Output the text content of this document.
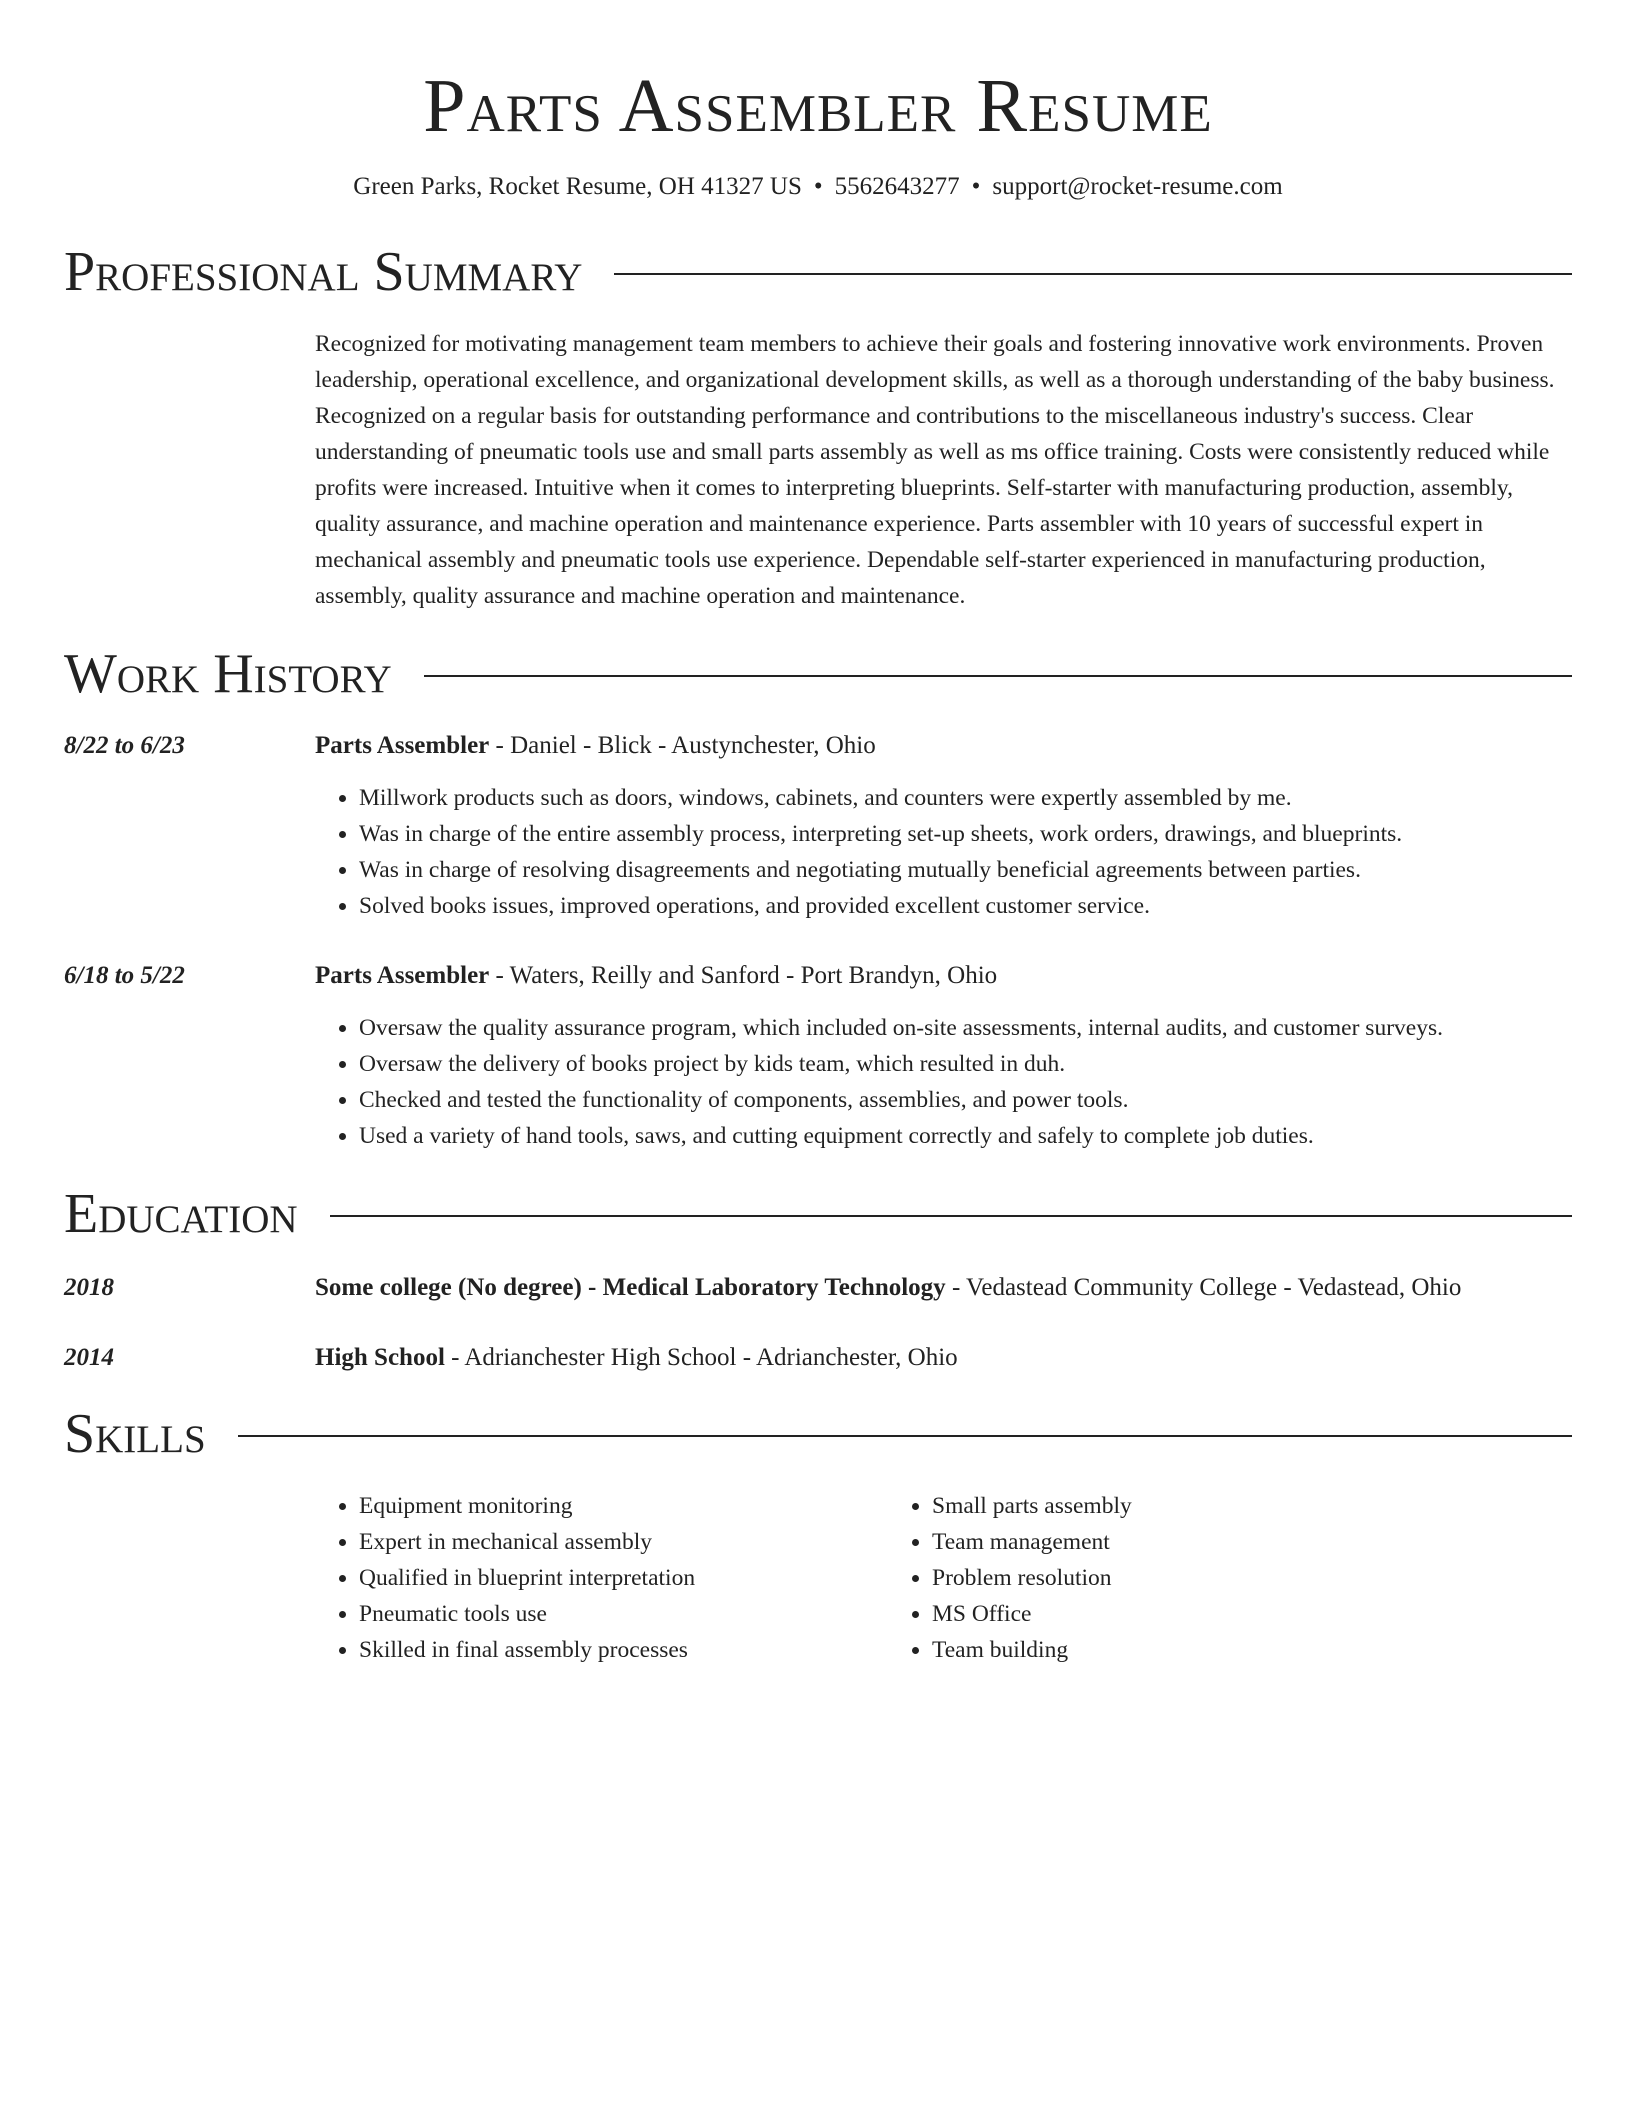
Parts Assembler Resume
Green Parks, Rocket Resume, OH 41327 US • 5562643277 • support@rocket-resume.com
Professional Summary
Recognized for motivating management team members to achieve their goals and fostering innovative work environments. Proven leadership, operational excellence, and organizational development skills, as well as a thorough understanding of the baby business. Recognized on a regular basis for outstanding performance and contributions to the miscellaneous industry's success. Clear understanding of pneumatic tools use and small parts assembly as well as ms office training. Costs were consistently reduced while profits were increased. Intuitive when it comes to interpreting blueprints. Self-starter with manufacturing production, assembly, quality assurance, and machine operation and maintenance experience. Parts assembler with 10 years of successful expert in mechanical assembly and pneumatic tools use experience. Dependable self-starter experienced in manufacturing production, assembly, quality assurance and machine operation and maintenance.
Work History
8/22 to 6/23	Parts Assembler - Daniel - Blick - Austynchester, Ohio
• Millwork products such as doors, windows, cabinets, and counters were expertly assembled by me.
• Was in charge of the entire assembly process, interpreting set-up sheets, work orders, drawings, and blueprints.
• Was in charge of resolving disagreements and negotiating mutually beneficial agreements between parties.
• Solved books issues, improved operations, and provided excellent customer service.
6/18 to 5/22	Parts Assembler - Waters, Reilly and Sanford - Port Brandyn, Ohio
• Oversaw the quality assurance program, which included on-site assessments, internal audits, and customer surveys.
• Oversaw the delivery of books project by kids team, which resulted in duh.
• Checked and tested the functionality of components, assemblies, and power tools.
• Used a variety of hand tools, saws, and cutting equipment correctly and safely to complete job duties.
Education
2018	Some college (No degree) - Medical Laboratory Technology - Vedastead Community College - Vedastead, Ohio
2014	High School - Adrianchester High School - Adrianchester, Ohio
Skills
• Equipment monitoring
• Expert in mechanical assembly
• Qualified in blueprint interpretation
• Pneumatic tools use
• Skilled in final assembly processes
• Small parts assembly
• Team management
• Problem resolution
• MS Office
• Team building
